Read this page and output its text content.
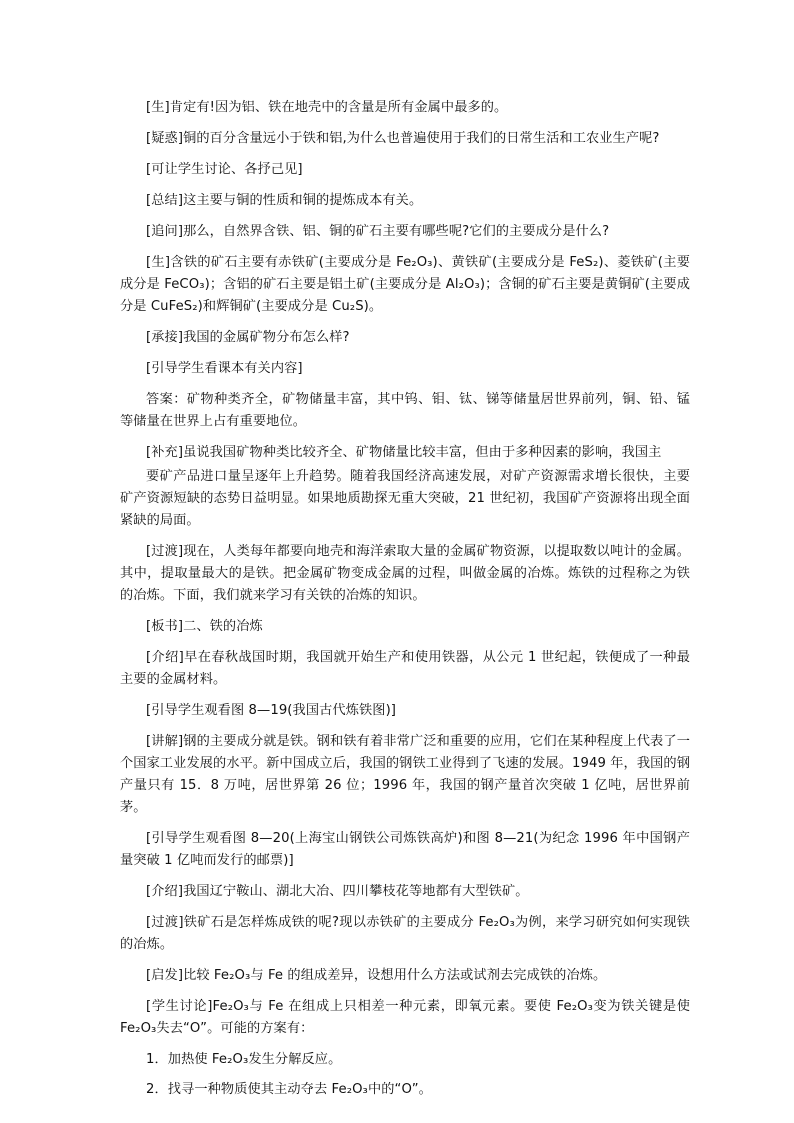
[生]肯定有!因为铝、铁在地壳中的含量是所有金属中最多的。

[疑惑]铜的百分含量远小于铁和铝,为什么也普遍使用于我们的日常生活和工农业生产呢?

[可让学生讨论、各抒己见]

[总结]这主要与铜的性质和铜的提炼成本有关。

[追问]那么，自然界含铁、铝、铜的矿石主要有哪些呢?它们的主要成分是什么?

[生]含铁的矿石主要有赤铁矿(主要成分是 Fe₂O₃)、黄铁矿(主要成分是 FeS₂)、菱铁矿(主要成分是 FeCO₃)；含铝的矿石主要是铝土矿(主要成分是 Al₂O₃)；含铜的矿石主要是黄铜矿(主要成分是 CuFeS₂)和辉铜矿(主要成分是 Cu₂S)。

[承接]我国的金属矿物分布怎么样?

[引导学生看课本有关内容]

答案：矿物种类齐全，矿物储量丰富，其中钨、钼、钛、锑等储量居世界前列，铜、铅、锰等储量在世界上占有重要地位。

[补充]虽说我国矿物种类比较齐全、矿物储量比较丰富，但由于多种因素的影响，我国主

要矿产品进口量呈逐年上升趋势。随着我国经济高速发展，对矿产资源需求增长很快，主要矿产资源短缺的态势日益明显。如果地质勘探无重大突破，21 世纪初，我国矿产资源将出现全面紧缺的局面。

[过渡]现在，人类每年都要向地壳和海洋索取大量的金属矿物资源，以提取数以吨计的金属。其中，提取量最大的是铁。把金属矿物变成金属的过程，叫做金属的冶炼。炼铁的过程称之为铁的冶炼。下面，我们就来学习有关铁的冶炼的知识。

[板书]二、铁的冶炼

[介绍]早在春秋战国时期，我国就开始生产和使用铁器，从公元 1 世纪起，铁便成了一种最主要的金属材料。

[引导学生观看图 8—19(我国古代炼铁图)]

[讲解]钢的主要成分就是铁。钢和铁有着非常广泛和重要的应用，它们在某种程度上代表了一个国家工业发展的水平。新中国成立后，我国的钢铁工业得到了飞速的发展。1949 年，我国的钢产量只有 15．8 万吨，居世界第 26 位；1996 年，我国的钢产量首次突破 1 亿吨，居世界前茅。

[引导学生观看图 8—20(上海宝山钢铁公司炼铁高炉)和图 8—21(为纪念 1996 年中国钢产量突破 1 亿吨而发行的邮票)]

[介绍]我国辽宁鞍山、湖北大冶、四川攀枝花等地都有大型铁矿。

[过渡]铁矿石是怎样炼成铁的呢?现以赤铁矿的主要成分 Fe₂O₃为例，来学习研究如何实现铁的冶炼。

[启发]比较 Fe₂O₃与 Fe 的组成差异，设想用什么方法或试剂去完成铁的冶炼。

[学生讨论]Fe₂O₃与 Fe 在组成上只相差一种元素，即氧元素。要使 Fe₂O₃变为铁关键是使 Fe₂O₃失去“O”。可能的方案有：

1．加热使 Fe₂O₃发生分解反应。

2．找寻一种物质使其主动夺去 Fe₂O₃中的“O”。
